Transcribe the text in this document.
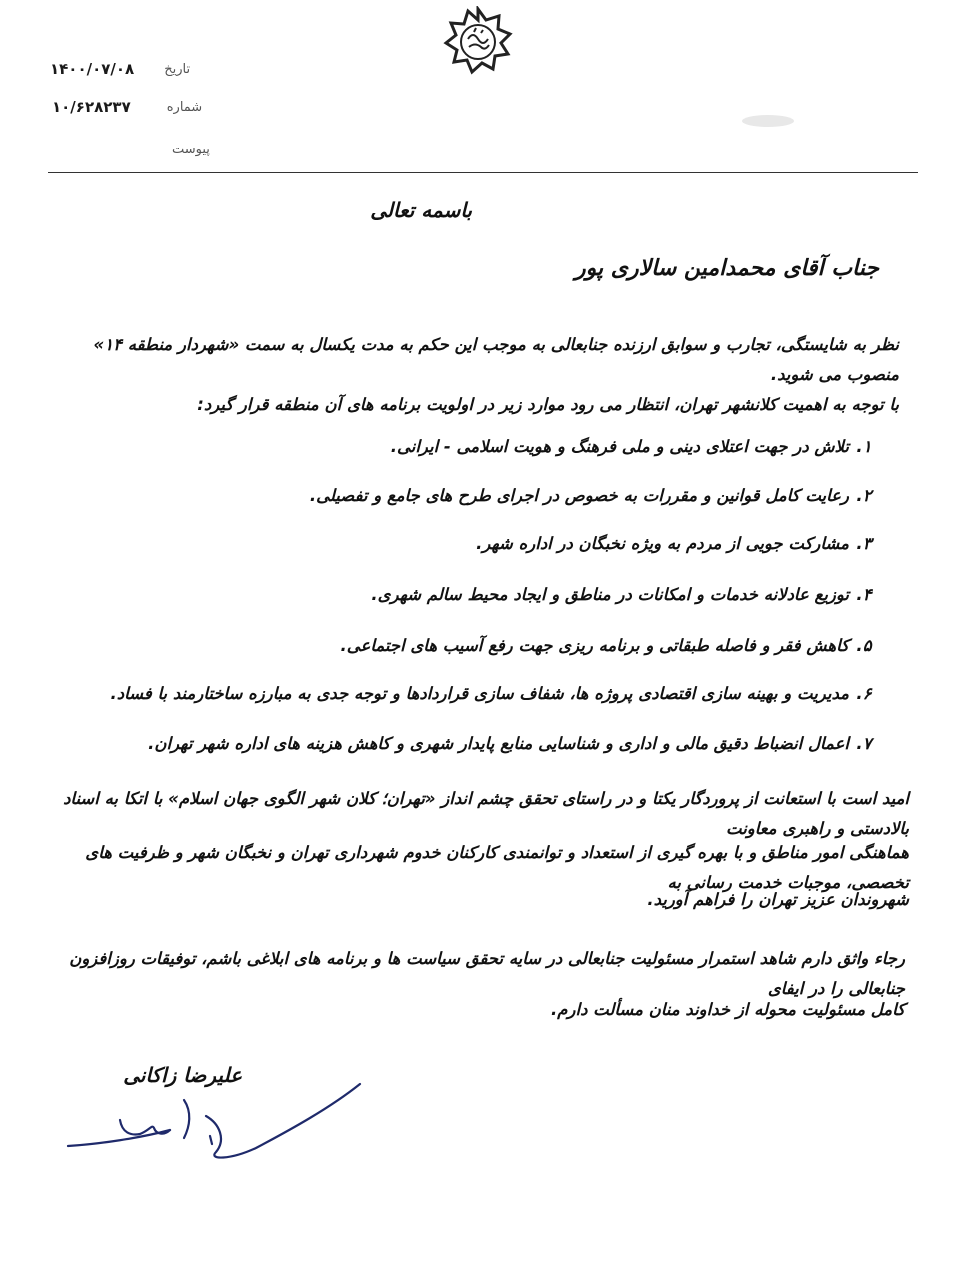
۱۴۰۰/۰۷/۰۸ تاریخ
۱۰/۶۲۸۲۳۷	شماره
پیوست
باسمه تعالی
جناب آقای محمدامین سالاری پور
نظر به شایستگی، تجارب و سوابق ارزنده جنابعالی به موجب این حکم به مدت یکسال به سمت «شهردار منطقه ۱۴» منصوب می شوید.
با توجه به اهمیت کلانشهر تهران، انتظار می رود موارد زیر در اولویت برنامه های آن منطقه قرار گیرد:
۱.
تلاش در جهت اعتلای دینی و ملی فرهنگ و هویت اسلامی - ایرانی.
۲.
رعایت کامل قوانین و مقررات به خصوص در اجرای طرح های جامع و تفصیلی.
۳.
مشارکت جویی از مردم به ویژه نخبگان در اداره شهر.
۴.
توزیع عادلانه خدمات و امکانات در مناطق و ایجاد محیط سالم شهری.
۵.
کاهش فقر و فاصله طبقاتی و برنامه ریزی جهت رفع آسیب های اجتماعی.
۶.
مدیریت و بهینه سازی اقتصادی پروژه ها، شفاف سازی قراردادها و توجه جدی به مبارزه ساختارمند با فساد.
۷.
اعمال انضباط دقیق مالی و اداری و شناسایی منابع پایدار شهری و کاهش هزینه های اداره شهر تهران.
امید است با استعانت از پروردگار یکتا و در راستای تحقق چشم انداز «تهران؛ کلان شهر الگوی جهان اسلام» با اتکا به اسناد بالادستی و راهبری معاونت
هماهنگی امور مناطق و با بهره گیری از استعداد و توانمندی کارکنان خدوم شهرداری تهران و نخبگان شهر و ظرفیت های تخصصی، موجبات خدمت رسانی به
شهروندان عزیز تهران را فراهم آورید.
رجاء واثق دارم شاهد استمرار مسئولیت جنابعالی در سایه تحقق سیاست ها و برنامه های ابلاغی باشم، توفیقات روزافزون جنابعالی را در ایفای
کامل مسئولیت محوله از خداوند منان مسألت دارم.
علیرضا زاکانی
